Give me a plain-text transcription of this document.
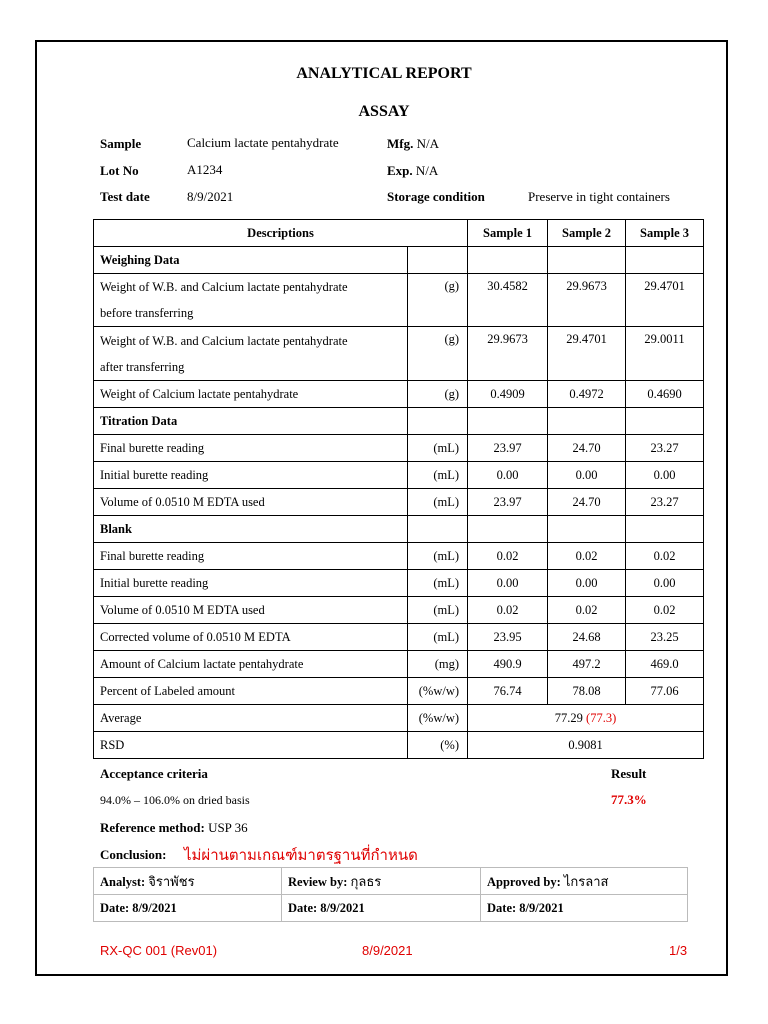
ANALYTICAL REPORT
ASSAY
Sample	Calcium lactate pentahydrate	Mfg. N/A
Lot No	A1234	Exp. N/A
Test date	8/9/2021	Storage condition	Preserve in tight containers
Descriptions		Sample 1	Sample 2	Sample 3
Weighing Data				
Weight of W.B. and Calcium lactate pentahydrate
before transferring	(g)	30.4582	29.9673	29.4701
Weight of W.B. and Calcium lactate pentahydrate
after transferring	(g)	29.9673	29.4701	29.0011
Weight of Calcium lactate pentahydrate	(g)	0.4909	0.4972	0.4690
Titration Data				
Final burette reading	(mL)	23.97	24.70	23.27
Initial burette reading	(mL)	0.00	0.00	0.00
Volume of 0.0510 M EDTA used	(mL)	23.97	24.70	23.27
Blank				
Final burette reading	(mL)	0.02	0.02	0.02
Initial burette reading	(mL)	0.00	0.00	0.00
Volume of 0.0510 M EDTA used	(mL)	0.02	0.02	0.02
Corrected volume of 0.0510 M EDTA	(mL)	23.95	24.68	23.25
Amount of Calcium lactate pentahydrate	(mg)	490.9	497.2	469.0
Percent of Labeled amount	(%w/w)	76.74	78.08	77.06
Average	(%w/w)	77.29 (77.3)		
RSD	(%)	0.9081		
Acceptance criteria
94.0% – 106.0% on dried basis
Result
77.3%
Reference method: USP 36
Conclusion: ไม่ผ่านตามเกณฑ์มาตรฐานที่กำหนด
Analyst: จิราพัชร	Review by: กุลธร	Approved by: ไกรลาส
Date: 8/9/2021	Date: 8/9/2021	Date: 8/9/2021
RX-QC 001 (Rev01)	8/9/2021	1/3
